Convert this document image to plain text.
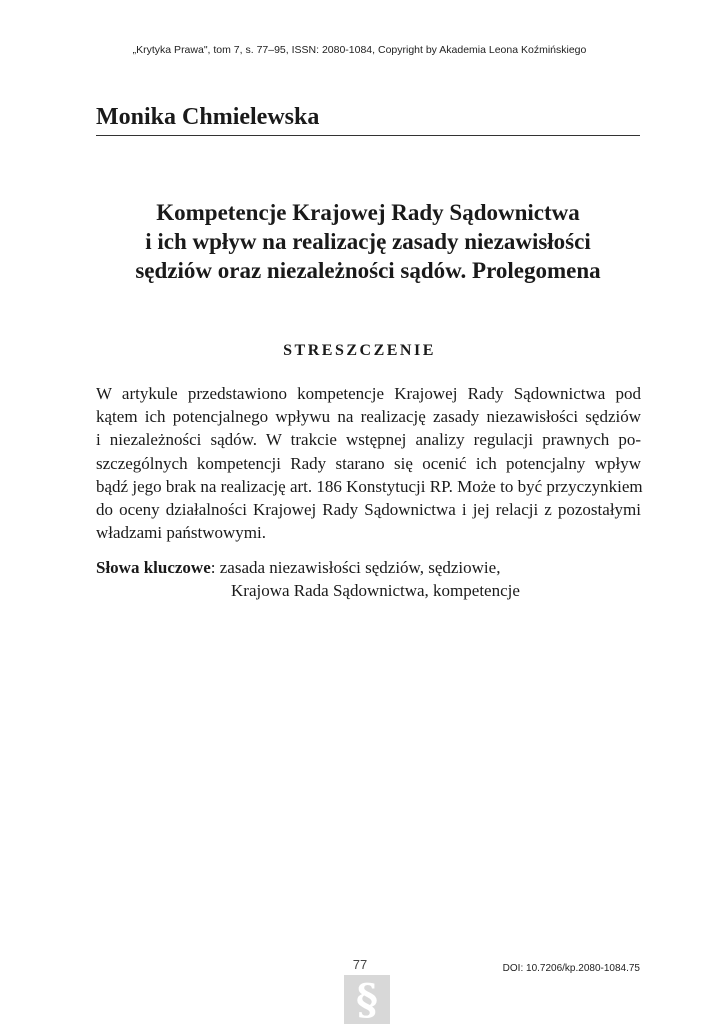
„Krytyka Prawa", tom 7, s. 77–95, ISSN: 2080-1084, Copyright by Akademia Leona Koźmińskiego
Monika Chmielewska
Kompetencje Krajowej Rady Sądownictwa
i ich wpływ na realizację zasady niezawisłości
sędziów oraz niezależności sądów. Prolegomena
STRESZCZENIE
W artykule przedstawiono kompetencje Krajowej Rady Sądownictwa pod
kątem ich potencjalnego wpływu na realizację zasady niezawisłości sędziów
i niezależności sądów. W trakcie wstępnej analizy regulacji prawnych po-
szczególnych kompetencji Rady starano się ocenić ich potencjalny wpływ
bądź jego brak na realizację art. 186 Konstytucji RP. Może to być przyczynkiem
do oceny działalności Krajowej Rady Sądownictwa i jej relacji z pozostałymi
władzami państwowymi.
Słowa kluczowe: zasada niezawisłości sędziów, sędziowie,
Krajowa Rada Sądownictwa, kompetencje
77	DOI: 10.7206/kp.2080-1084.75
§
